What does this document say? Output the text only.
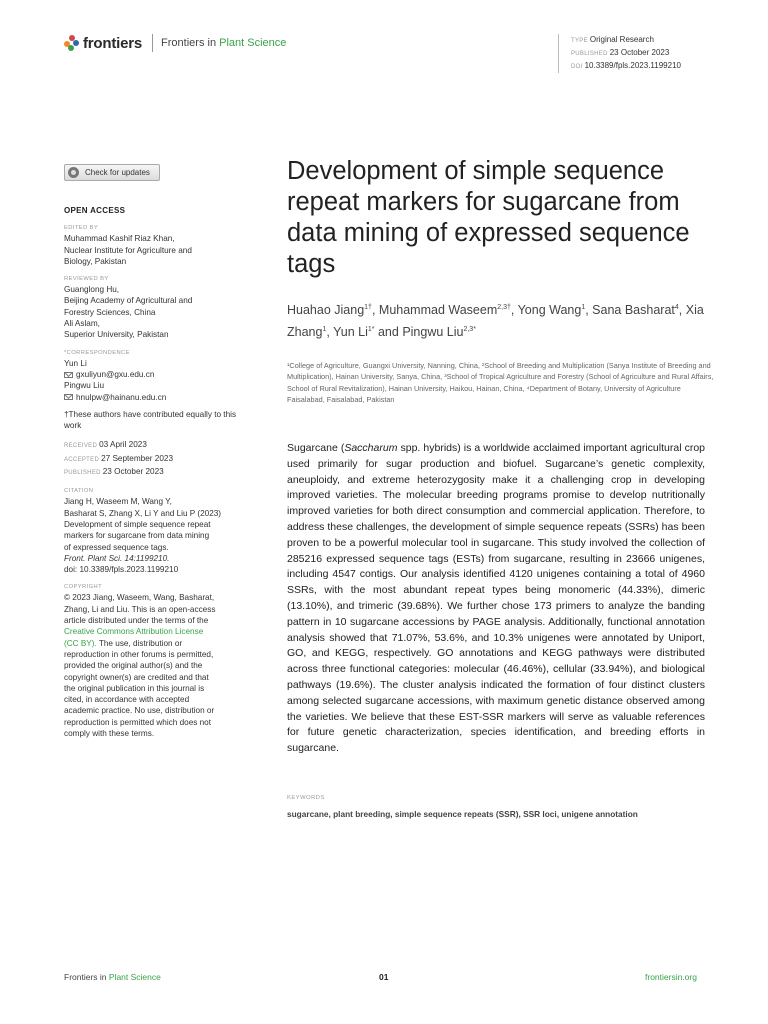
frontiers Frontiers in Plant Science	TYPE Original Research
PUBLISHED 23 October 2023
DOI 10.3389/fpls.2023.1199210
Check for updates
OPEN ACCESS
EDITED BY
Muhammad Kashif Riaz Khan,
Nuclear Institute for Agriculture and
Biology, Pakistan
REVIEWED BY
Guanglong Hu,
Beijing Academy of Agricultural and
Forestry Sciences, China
Ali Aslam,
Superior University, Pakistan
*CORRESPONDENCE
Yun Li
gxuliyun@gxu.edu.cn
Pingwu Liu
hnulpw@hainanu.edu.cn
†These authors have contributed equally to this work
RECEIVED 03 April 2023
ACCEPTED 27 September 2023
PUBLISHED 23 October 2023
CITATION
Jiang H, Waseem M, Wang Y,
Basharat S, Zhang X, Li Y and Liu P (2023)
Development of simple sequence repeat
markers for sugarcane from data mining
of expressed sequence tags.
Front. Plant Sci. 14:1199210.
doi: 10.3389/fpls.2023.1199210
COPYRIGHT
© 2023 Jiang, Waseem, Wang, Basharat,
Zhang, Li and Liu. This is an open-access
article distributed under the terms of the
Creative Commons Attribution License
(CC BY). The use, distribution or
reproduction in other forums is permitted,
provided the original author(s) and the
copyright owner(s) are credited and that
the original publication in this journal is
cited, in accordance with accepted
academic practice. No use, distribution or
reproduction is permitted which does not
comply with these terms.
Development of simple sequence repeat markers for sugarcane from data mining of expressed sequence tags
Huahao Jiang$^{1\dagger}$, Muhammad Waseem$^{2,3\dagger}$, Yong Wang$^1$, Sana Basharat$^4$, Xia Zhang$^1$, Yun $Li^{1*}$ and Pingwu Liu$^{2,3*}$
¹College of Agriculture, Guangxi University, Nanning, China, ²School of Breeding and Multiplication (Sanya Institute of Breeding and Multiplication), Hainan University, Sanya, China, ³School of Tropical Agriculture and Forestry (School of Agriculture and Rural Affairs, School of Rural Revitalization), Hainan University, Haikou, Hainan, China, ⁴Department of Botany, University of Agriculture Faisalabad, Faisalabad, Pakistan
Sugarcane (Saccharum spp. hybrids) is a worldwide acclaimed important agricultural crop used primarily for sugar production and biofuel. Sugarcane’s genetic complexity, aneuploidy, and extreme heterozygosity make it a challenging crop in developing improved varieties. The molecular breeding programs promise to develop nutritionally improved varieties for both direct consumption and commercial application. Therefore, to address these challenges, the development of simple sequence repeats (SSRs) has been proven to be a powerful molecular tool in sugarcane. This study involved the collection of 285216 expressed sequence tags (ESTs) from sugarcane, resulting in 23666 unigenes, including 4547 contigs. Our analysis identified 4120 unigenes containing a total of 4960 SSRs, with the most abundant repeat types being monomeric (44.33%), dimeric (13.10%), and trimeric (39.68%). We further chose 173 primers to analyze the banding pattern in 10 sugarcane accessions by PAGE analysis. Additionally, functional annotation analysis showed that 71.07%, 53.6%, and 10.3% unigenes were annotated by Uniport, GO, and KEGG, respectively. GO annotations and KEGG pathways were distributed across three functional categories: molecular (46.46%), cellular (33.94%), and biological pathways (19.6%). The cluster analysis indicated the formation of four distinct clusters among selected sugarcane accessions, with maximum genetic distance observed among the varieties. We believe that these EST-SSR markers will serve as valuable references for future genetic characterization, species identification, and breeding efforts in sugarcane.
KEYWORDS
sugarcane, plant breeding, simple sequence repeats (SSR), SSR loci, unigene annotation
Frontiers in Plant Science	01	frontiersin.org
